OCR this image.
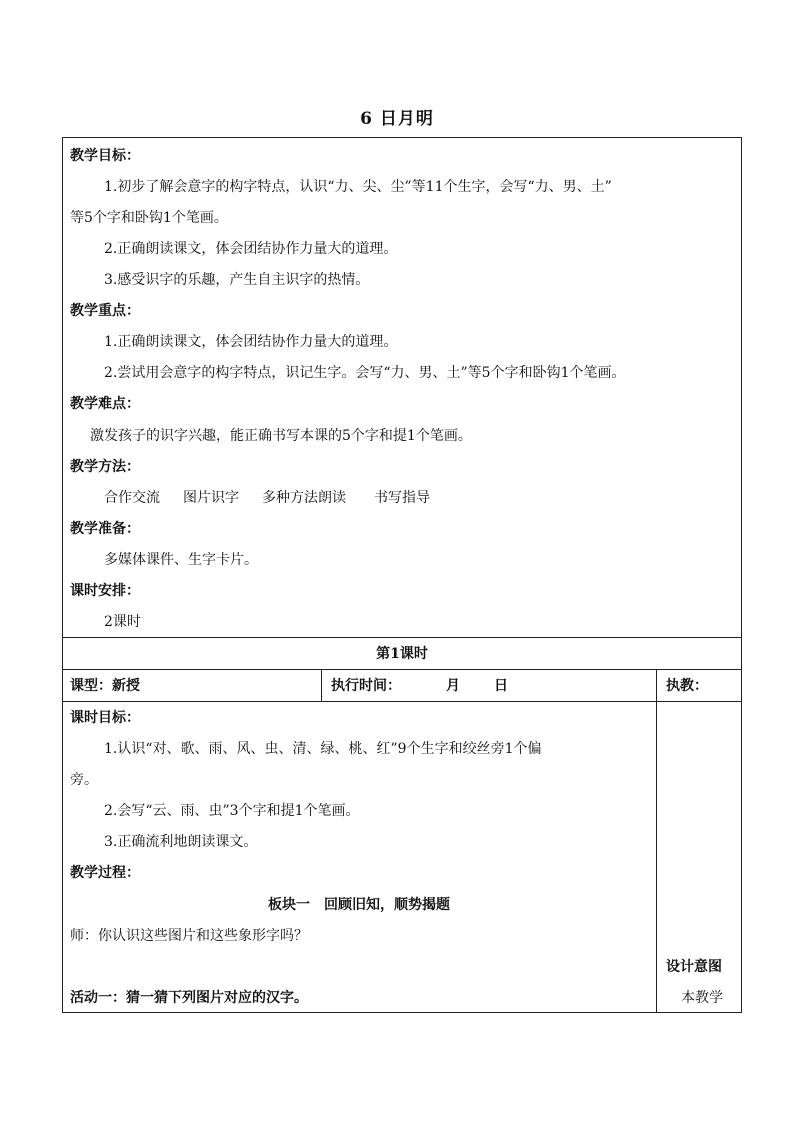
6 日月明
教学目标：
1.初步了解会意字的构字特点，认识“力、尖、尘”等11个生字，会写“力、男、土”
等5个字和卧钩1个笔画。
2.正确朗读课文，体会团结协作力量大的道理。
3.感受识字的乐趣，产生自主识字的热情。
教学重点：
1.正确朗读课文，体会团结协作力量大的道理。
2.尝试用会意字的构字特点，识记生字。会写“力、男、土”等5个字和卧钩1个笔画。
教学难点：
激发孩子的识字兴趣，能正确书写本课的5个字和提1个笔画。
教学方法：
合作交流 图片识字 多种方法朗读 书写指导
教学准备：
多媒体课件、生字卡片。
课时安排：
2课时
第1课时
课型：新授	执行时间：	月 日	执教：
课时目标：
1.认识“对、歌、雨、风、虫、清、绿、桃、红”9个生字和绞丝旁1个偏
旁。
2.会写“云、雨、虫”3个字和提1个笔画。
3.正确流利地朗读课文。
教学过程：
板块一　回顾旧知，顺势揭题
师：你认识这些图片和这些象形字吗？
活动一：猜一猜下列图片对应的汉字。
设计意图
本教学
